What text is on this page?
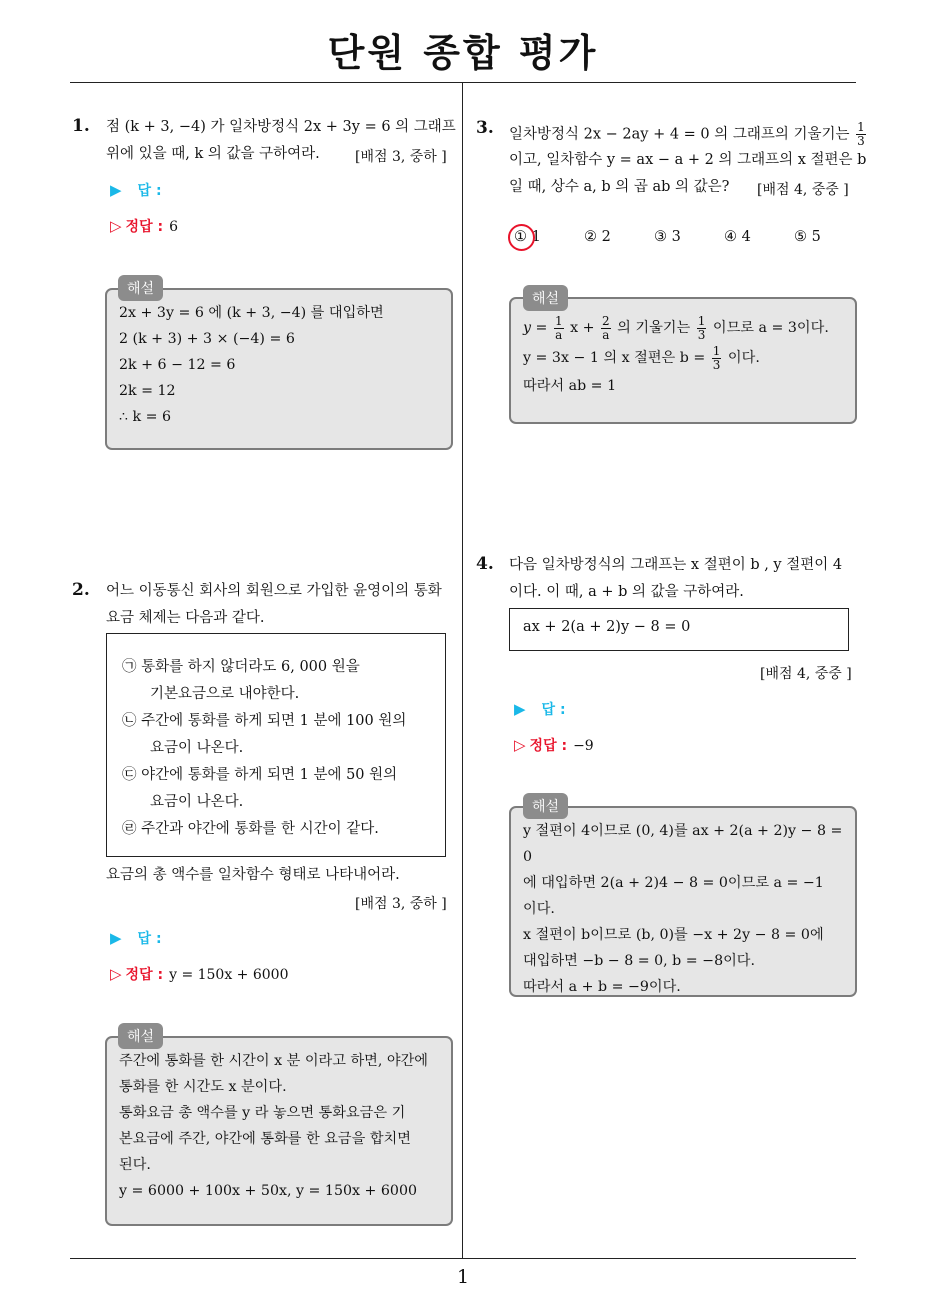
단원 종합 평가
1
1. 점 (k + 3, −4) 가 일차방정식 2x + 3y = 6 의 그래프
위에 있을 때, k 의 값을 구하여라.	[배점 3, 중하 ]
▶ 답 :
▷ 정답 : 6
2x + 3y = 6 에 (k + 3, −4) 를 대입하면
2 (k + 3) + 3 × (−4) = 6
2k + 6 − 12 = 6
2k = 12
∴ k = 6
해설
2. 어느 이동통신 회사의 회원으로 가입한 윤영이의 통화
요금 체제는 다음과 같다.
㉠ 통화를 하지 않더라도 6, 000 원을
기본요금으로 내야한다.
㉡ 주간에 통화를 하게 되면 1 분에 100 원의
요금이 나온다.
㉢ 야간에 통화를 하게 되면 1 분에 50 원의
요금이 나온다.
㉣ 주간과 야간에 통화를 한 시간이 같다.
요금의 총 액수를 일차함수 형태로 나타내어라.
[배점 3, 중하 ]
▶ 답 :
▷ 정답 : y = 150x + 6000
주간에 통화를 한 시간이 x 분 이라고 하면, 야간에
통화를 한 시간도 x 분이다.
통화요금 총 액수를 y 라 놓으면 통화요금은 기
본요금에 주간, 야간에 통화를 한 요금을 합치면
된다.
y = 6000 + 100x + 50x, y = 150x + 6000
해설
3. 일차방정식 2x − 2ay + 4 = 0 의 그래프의 기울기는 $\frac{1}{3}$
이고, 일차함수 y = ax − a + 2 의 그래프의 x 절편은 b
일 때, 상수 a, b 의 곱 ab 의 값은? [배점 4, 중중 ]
① 1	② 2	③ 3	④ 4	⑤ 5
$y = \frac{1}{a}$ $x + \frac{2}{a}$ 의 기울기는 $\frac{1}{3}$ 이므로 a = 3이다.
y = 3x − 1 의 x 절편은 $b = \frac{1}{3}$ 이다.
따라서 ab = 1
해설
4. 다음 일차방정식의 그래프는 x 절편이 b , y 절편이 4
이다. 이 때, a + b 의 값을 구하여라.
ax + 2(a + 2)y − 8 = 0
[배점 4, 중중 ]
▶ 답 :
▷ 정답 : −9
y 절편이 4이므로 (0, 4)를 ax + 2(a + 2)y − 8 = 0
에 대입하면 2(a + 2)4 − 8 = 0이므로 a = −1
이다.
x 절편이 b이므로 (b, 0)를 −x + 2y − 8 = 0에
대입하면 −b − 8 = 0, b = −8이다.
따라서 a + b = −9이다.
해설
